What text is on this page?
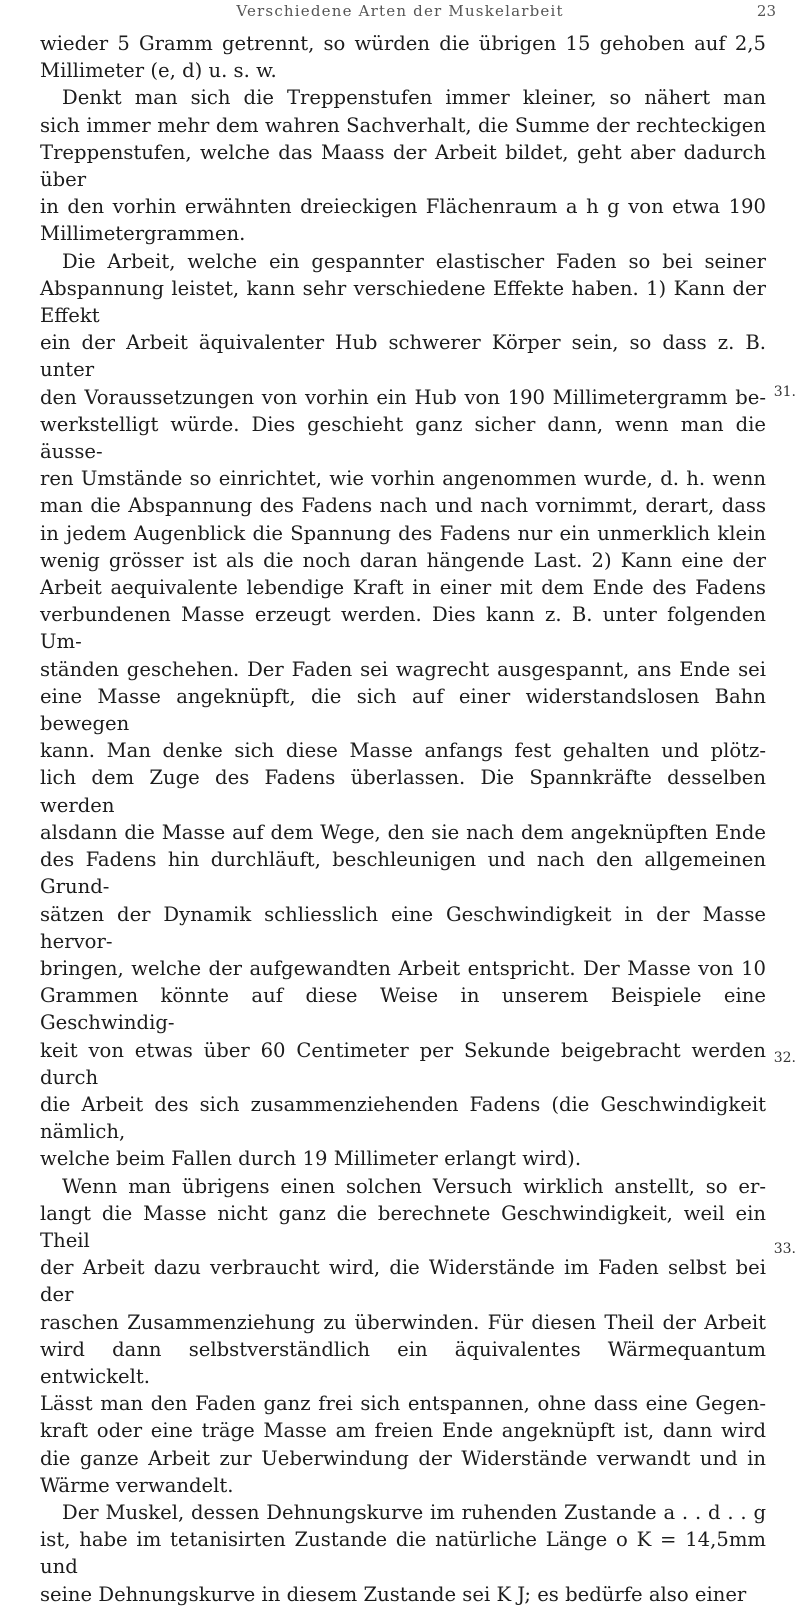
Verschiedene Arten der Muskelarbeit	23

wieder 5 Gramm getrennt, so würden die übrigen 15 gehoben auf 2,5

Millimeter (e, d) u. s. w.

Denkt man sich die Treppenstufen immer kleiner, so nähert man

sich immer mehr dem wahren Sachverhalt, die Summe der rechteckigen

Treppenstufen, welche das Maass der Arbeit bildet, geht aber dadurch über

in den vorhin erwähnten dreieckigen Flächenraum a h g von etwa 190

Millimetergrammen.

Die Arbeit, welche ein gespannter elastischer Faden so bei seiner

Abspannung leistet, kann sehr verschiedene Effekte haben. 1) Kann der Effekt

ein der Arbeit äquivalenter Hub schwerer Körper sein, so dass z. B. unter

den Voraussetzungen von vorhin ein Hub von 190 Millimetergramm be-

werkstelligt würde. Dies geschieht ganz sicher dann, wenn man die äusse-

ren Umstände so einrichtet, wie vorhin angenommen wurde, d. h. wenn

man die Abspannung des Fadens nach und nach vornimmt, derart, dass

in jedem Augenblick die Spannung des Fadens nur ein unmerklich klein

wenig grösser ist als die noch daran hängende Last. 2) Kann eine der

Arbeit aequivalente lebendige Kraft in einer mit dem Ende des Fadens

verbundenen Masse erzeugt werden. Dies kann z. B. unter folgenden Um-

ständen geschehen. Der Faden sei wagrecht ausgespannt, ans Ende sei

eine Masse angeknüpft, die sich auf einer widerstandslosen Bahn bewegen

kann. Man denke sich diese Masse anfangs fest gehalten und plötz-

lich dem Zuge des Fadens überlassen. Die Spannkräfte desselben werden

alsdann die Masse auf dem Wege, den sie nach dem angeknüpften Ende

des Fadens hin durchläuft, beschleunigen und nach den allgemeinen Grund-

sätzen der Dynamik schliesslich eine Geschwindigkeit in der Masse hervor-

bringen, welche der aufgewandten Arbeit entspricht. Der Masse von 10

Grammen könnte auf diese Weise in unserem Beispiele eine Geschwindig-

keit von etwas über 60 Centimeter per Sekunde beigebracht werden durch

die Arbeit des sich zusammenziehenden Fadens (die Geschwindigkeit nämlich,

welche beim Fallen durch 19 Millimeter erlangt wird).

Wenn man übrigens einen solchen Versuch wirklich anstellt, so er-

langt die Masse nicht ganz die berechnete Geschwindigkeit, weil ein Theil

der Arbeit dazu verbraucht wird, die Widerstände im Faden selbst bei der

raschen Zusammenziehung zu überwinden. Für diesen Theil der Arbeit

wird dann selbstverständlich ein äquivalentes Wärmequantum entwickelt.

Lässt man den Faden ganz frei sich entspannen, ohne dass eine Gegen-

kraft oder eine träge Masse am freien Ende angeknüpft ist, dann wird

die ganze Arbeit zur Ueberwindung der Widerstände verwandt und in

Wärme verwandelt.

Der Muskel, dessen Dehnungskurve im ruhenden Zustande a . . d . . g

ist, habe im tetanisirten Zustande die natürliche Länge o K = 14,5mm und

seine Dehnungskurve in diesem Zustande sei K J; es bedürfe also einer

31.
32.
33.
